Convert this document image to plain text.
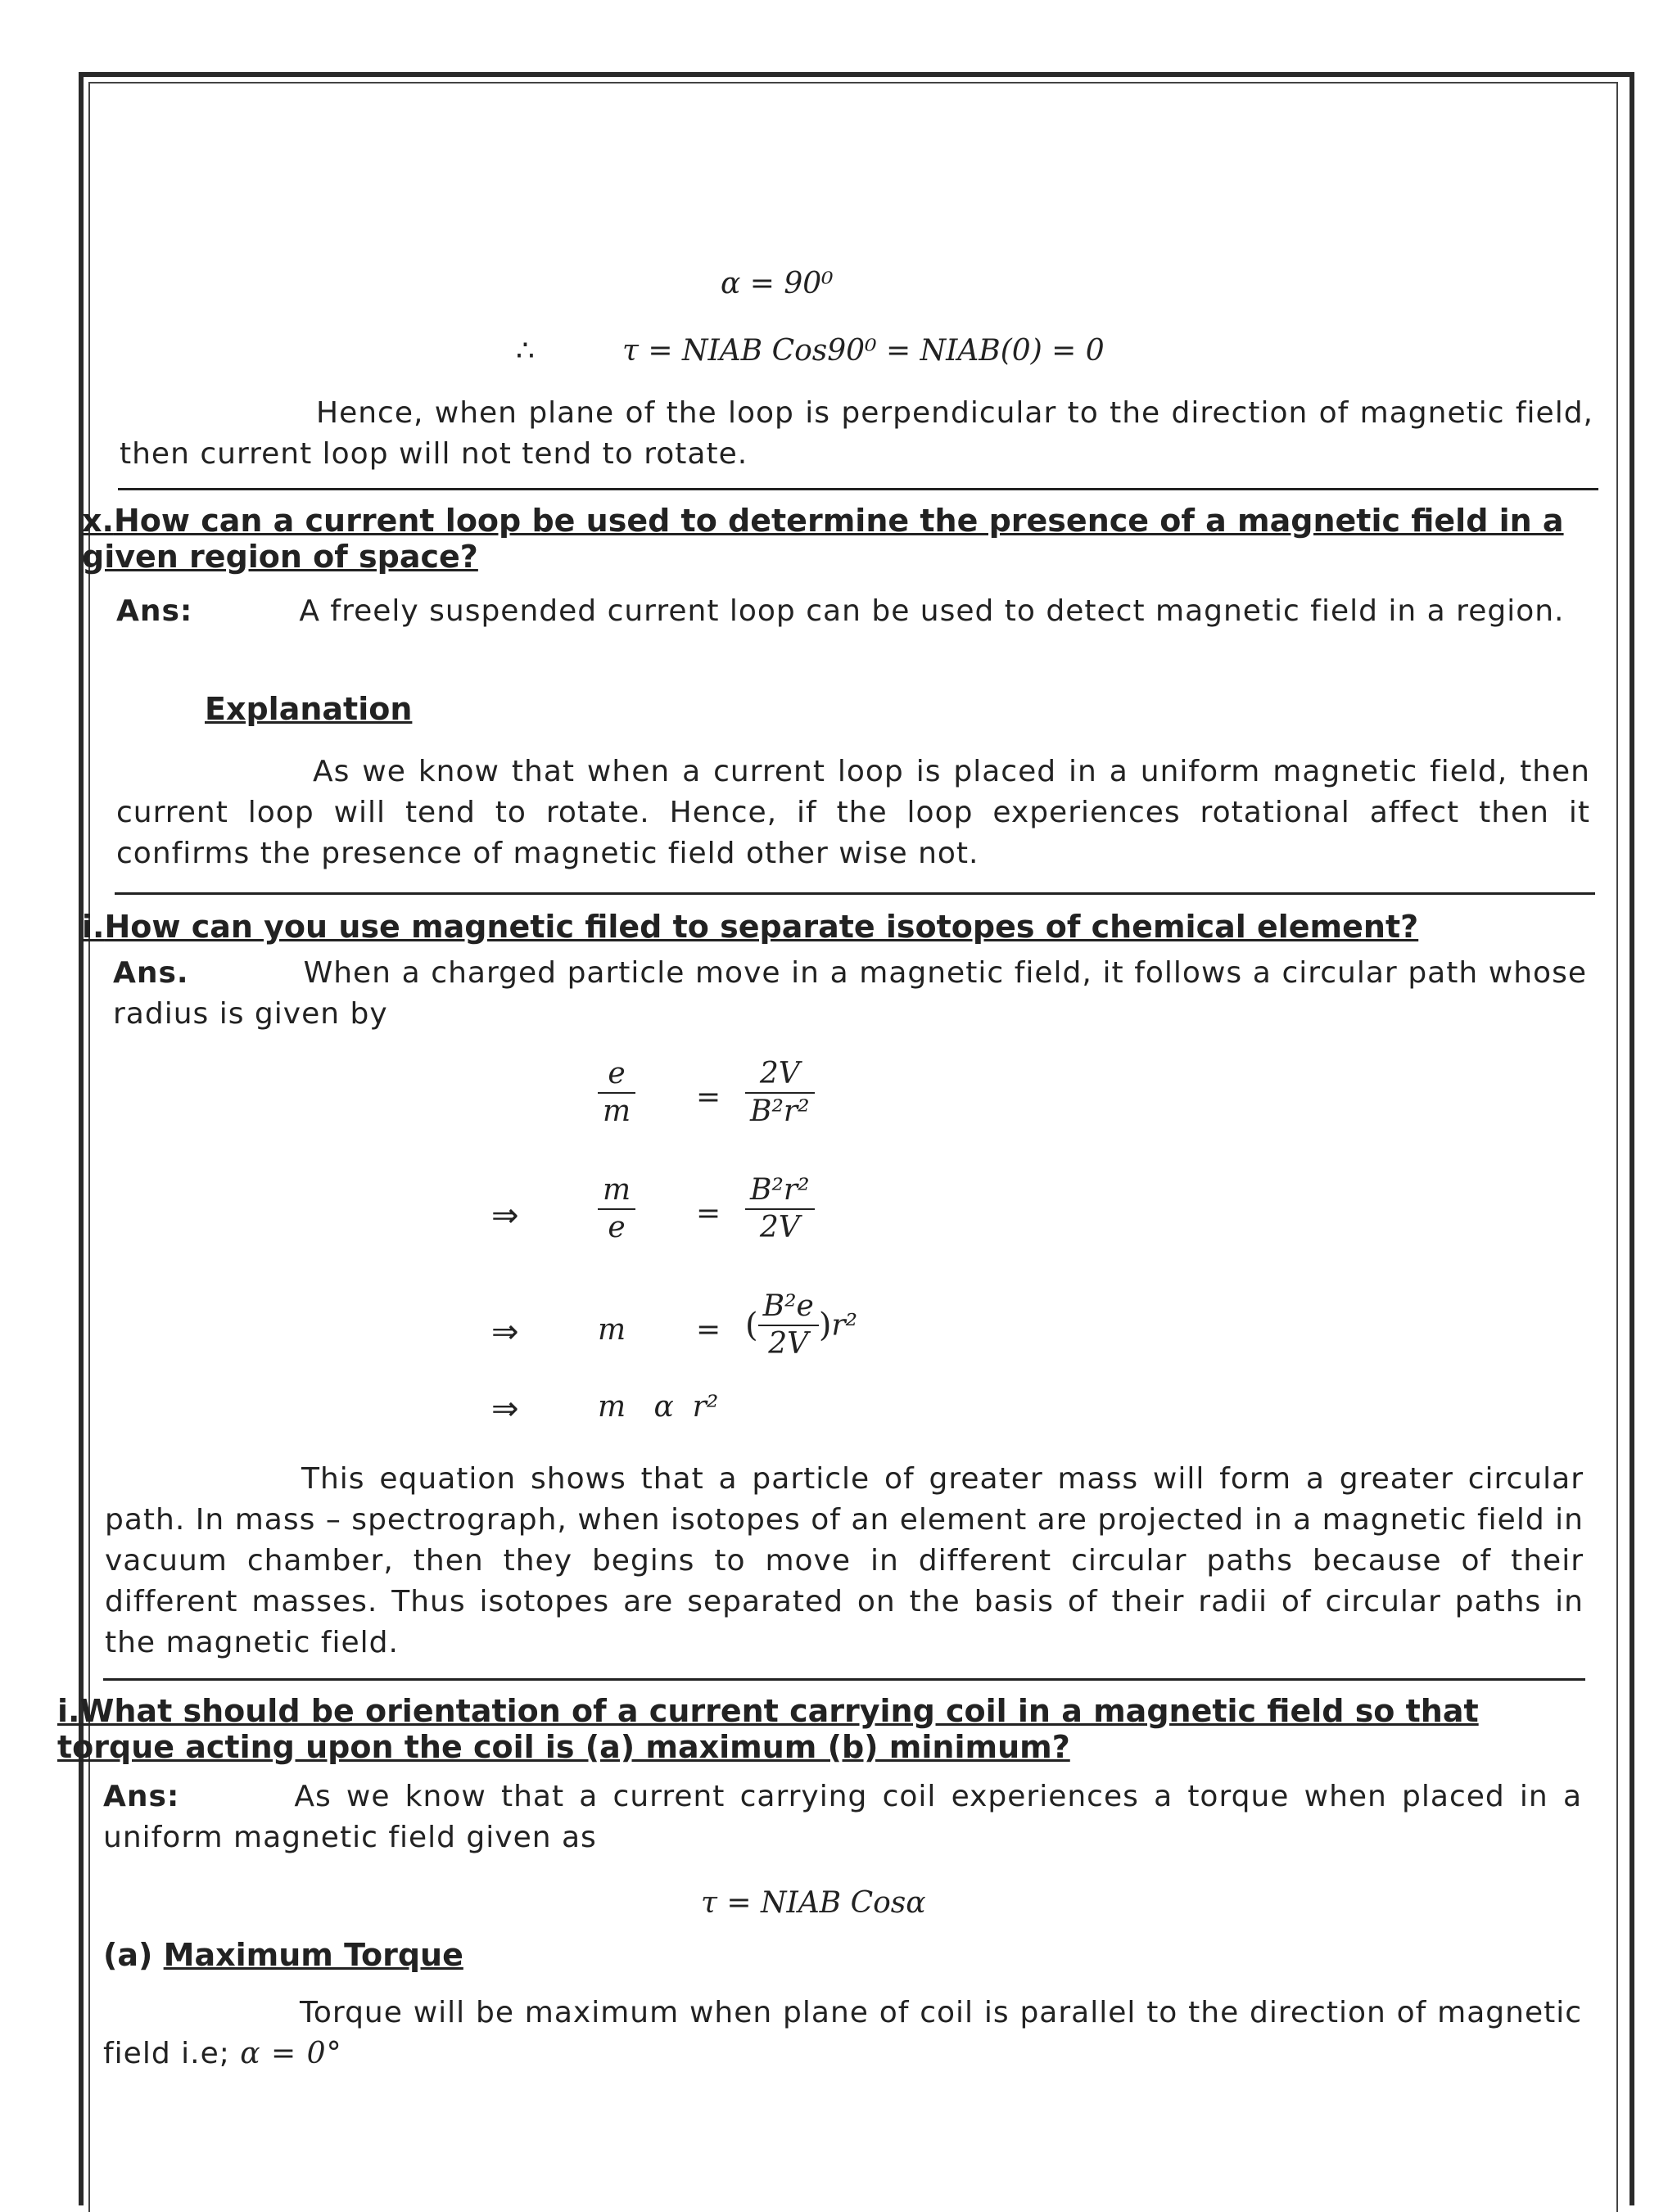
α = 90⁰
∴	τ = NIAB Cos90⁰ = NIAB(0) = 0

Hence, when plane of the loop is perpendicular to the direction of magnetic field, then current loop will not tend to rotate.

x.How can a current loop be used to determine the presence of a magnetic field in a given region of space?

Ans:	A freely suspended current loop can be used to detect magnetic field in a region.

Explanation

As we know that when a current loop is placed in a uniform magnetic field, then current loop will tend to rotate. Hence, if the loop experiences rotational affect then it confirms the presence of magnetic field other wise not.

i.How can you use magnetic filed to separate isotopes of chemical element?

Ans.	When a charged particle move in a magnetic field, it follows a circular path whose radius is given by

$\frac{e}{m} = \frac{2V}{\text{B²r²}}$
⇒	$\frac{m}{e} = \frac{\text{B²r²}}{2V}$
⇒	m = ( $\frac{\text{B²e}}{2V} )r^2$
⇒	m   α  r²

This equation shows that a particle of greater mass will form a greater circular path. In mass – spectrograph, when isotopes of an element are projected in a magnetic field in vacuum chamber, then they begins to move in different circular paths because of their different masses. Thus isotopes are separated on the basis of their radii of circular paths in the magnetic field.

i.What should be orientation of a current carrying coil in a magnetic field so that torque acting upon the coil is (a) maximum (b) minimum?

Ans:	As we know that a current carrying coil experiences a torque when placed in a uniform magnetic field given as

τ = NIAB Cosα
(a) Maximum Torque

Torque will be maximum when plane of coil is parallel to the direction of magnetic field i.e; α = 0°
